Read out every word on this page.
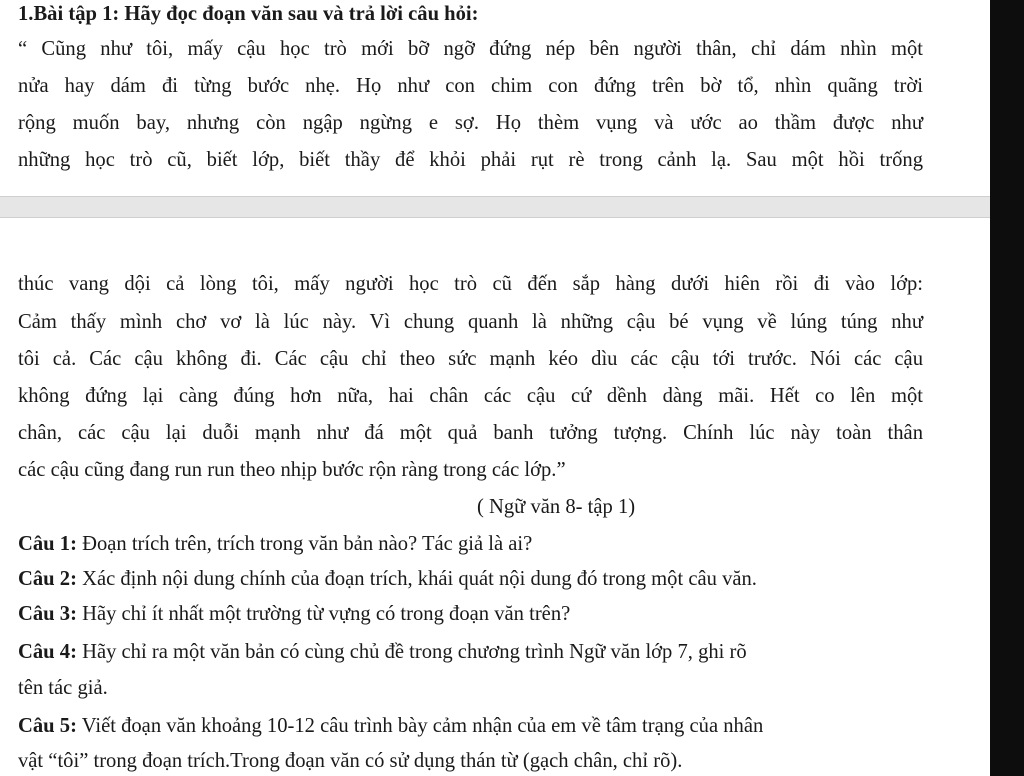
1.Bài tập 1: Hãy đọc đoạn văn sau và trả lời câu hỏi:
“ Cũng như tôi, mấy cậu học trò mới bỡ ngỡ đứng nép bên người thân, chỉ dám nhìn một
nửa hay dám đi từng bước nhẹ. Họ như con chim con đứng trên bờ tổ, nhìn quãng trời
rộng muốn bay, nhưng còn ngập ngừng e sợ. Họ thèm vụng và ước ao thầm được như
những học trò cũ, biết lớp, biết thầy để khỏi phải rụt rè trong cảnh lạ. Sau một hồi trống
thúc vang dội cả lòng tôi, mấy người học trò cũ đến sắp hàng dưới hiên rồi đi vào lớp:
Cảm thấy mình chơ vơ là lúc này. Vì chung quanh là những cậu bé vụng về lúng túng như
tôi cả. Các cậu không đi. Các cậu chỉ theo sức mạnh kéo dìu các cậu tới trước. Nói các cậu
không đứng lại càng đúng hơn nữa, hai chân các cậu cứ dềnh dàng mãi. Hết co lên một
chân, các cậu lại duỗi mạnh như đá một quả banh tưởng tượng. Chính lúc này toàn thân
các cậu cũng đang run run theo nhịp bước rộn ràng trong các lớp.”
( Ngữ văn 8- tập 1)
Câu 1: Đoạn trích trên, trích trong văn bản nào? Tác giả là ai?
Câu 2: Xác định nội dung chính của đoạn trích, khái quát nội dung đó trong một câu văn.
Câu 3: Hãy chỉ ít nhất một trường từ vựng có trong đoạn văn trên?
Câu 4: Hãy chỉ ra một văn bản có cùng chủ đề trong chương trình Ngữ văn lớp 7, ghi rõ
tên tác giả.
Câu 5: Viết đoạn văn khoảng 10-12 câu trình bày cảm nhận của em về tâm trạng của nhân
vật “tôi” trong đoạn trích.Trong đoạn văn có sử dụng thán từ (gạch chân, chỉ rõ).
